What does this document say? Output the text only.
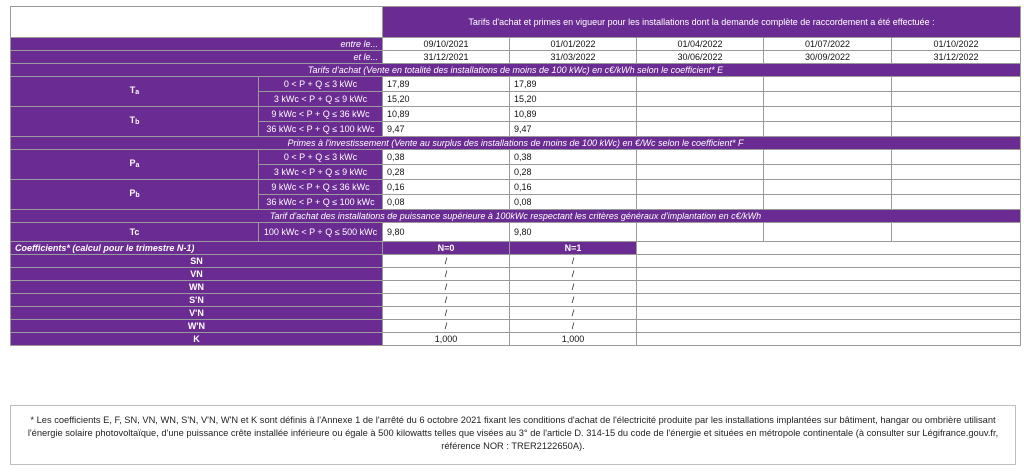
		Tarifs d'achat et primes en vigueur pour les installations dont la demande complète de raccordement a été effectuée :				
entre le...		09/10/2021	01/01/2022	01/04/2022	01/07/2022	01/10/2022
et le...		31/12/2021	31/03/2022	30/06/2022	30/09/2022	31/12/2022
Tarifs d'achat (Vente en totalité des installations de moins de 100 kWc) en c€/kWh selon le coefficient* E						
Ta	0 < P + Q ≤ 3 kWc	17,89	17,89			
	3 kWc < P + Q ≤ 9 kWc	15,20	15,20			
Tb	9 kWc < P + Q ≤ 36 kWc	10,89	10,89			
	36 kWc < P + Q ≤ 100 kWc	9,47	9,47			
Primes à l'investissement (Vente au surplus des installations de moins de 100 kWc) en €/Wc selon le coefficient* F						
Pa	0 < P + Q ≤ 3 kWc	0,38	0,38			
	3 kWc < P + Q ≤ 9 kWc	0,28	0,28			
Pb	9 kWc < P + Q ≤ 36 kWc	0,16	0,16			
	36 kWc < P + Q ≤ 100 kWc	0,08	0,08			
Tarif d'achat des installations de puissance supérieure à 100kWc respectant les critères généraux d'implantation en c€/kWh						
Tc	100 kWc < P + Q ≤ 500 kWc	9,80	9,80			
Coefficients* (calcul pour le trimestre N-1)		N=0	N=1			
SN		/	/			
VN		/	/			
WN		/	/			
S'N		/	/			
V'N		/	/			
W'N		/	/			
K		1,000	1,000			
* Les coefficients E, F, SN, VN, WN, S'N, V'N, W'N et K sont définis à l'Annexe 1 de l'arrêté du 6 octobre 2021 fixant les conditions d'achat de l'électricité produite par les installations implantées sur bâtiment, hangar ou ombrière utilisant l'énergie solaire photovoltaïque, d'une puissance crête installée inférieure ou égale à 500 kilowatts telles que visées au 3° de l'article D. 314-15 du code de l'énergie et situées en métropole continentale (à consulter sur Légifrance.gouv.fr, référence NOR : TRER2122650A).
